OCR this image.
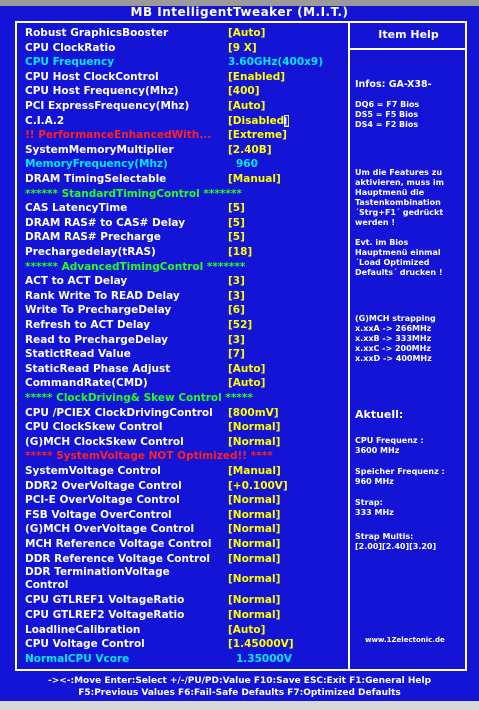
MB IntelligentTweaker (M.I.T.)
Item Help
Robust GraphicsBooster	[Auto]
CPU ClockRatio	[9 X]
CPU Frequency	3.60GHz(400x9)
CPU Host ClockControl	[Enabled]
CPU Host Frequency(Mhz)	[400]
PCI ExpressFrequency(Mhz)	[Auto]
C.I.A.2	[Disabled]
!! PerformanceEnhancedWith...	[Extreme]
SystemMemoryMultiplier	[2.40B]
MemoryFrequency(Mhz)	960
DRAM TimingSelectable	[Manual]
****** StandardTimingControl *******
CAS LatencyTime	[5]
DRAM RAS# to CAS# Delay	[5]
DRAM RAS# Precharge	[5]
Prechargedelay(tRAS)	[18]
****** AdvancedTimingControl *******
ACT to ACT Delay	[3]
Rank Write To READ Delay	[3]
Write To PrechargeDelay	[6]
Refresh to ACT Delay	[52]
Read to PrechargeDelay	[3]
StatictRead Value	[7]
StaticRead Phase Adjust	[Auto]
CommandRate(CMD)	[Auto]
***** ClockDriving& Skew Control *****
CPU /PCIEX ClockDrivingControl	[800mV]
CPU ClockSkew Control	[Normal]
(G)MCH ClockSkew Control	[Normal]
***** SystemVoltage NOT Optimized!! ****
SystemVoltage Control	[Manual]
DDR2 OverVoltage Control	[+0.100V]
PCI-E OverVoltage Control	[Normal]
FSB Voltage OverControl	[Normal]
(G)MCH OverVoltage Control	[Normal]
MCH Reference Voltage Control	[Normal]
DDR Reference Voltage Control	[Normal]
DDR TerminationVoltage
Control	[Normal]
CPU GTLREF1 VoltageRatio	[Normal]
CPU GTLREF2 VoltageRatio	[Normal]
LoadlineCalibration	[Auto]
CPU Voltage Control	[1.45000V]
NormalCPU Vcore	1.35000V
Infos: GA-X38-
DQ6 = F7 Bios
DS5 = F5 Bios
DS4 = F2 Bios
Um die Features zu
aktivieren, muss im
Hauptmenü die
Tastenkombination
´Strg+F1´ gedrückt
werden !
Evt. im Bios
Hauptmenü einmal
´Load Optimized
Defaults´ drucken !
(G)MCH strapping
x.xxA -> 266MHz
x.xxB -> 333MHz
x.xxC -> 200MHz
x.xxD -> 400MHz
Aktuell:
CPU Frequenz :
3600 MHz
Speicher Frequenz :
960 MHz
Strap:
333 MHz
Strap Multis:
[2.00][2.40][3.20]
www.1Zelectonic.de
-><-:Move Enter:Select +/-/PU/PD:Value F10:Save ESC:Exit F1:General Help
F5:Previous Values F6:Fail-Safe Defaults F7:Optimized Defaults
